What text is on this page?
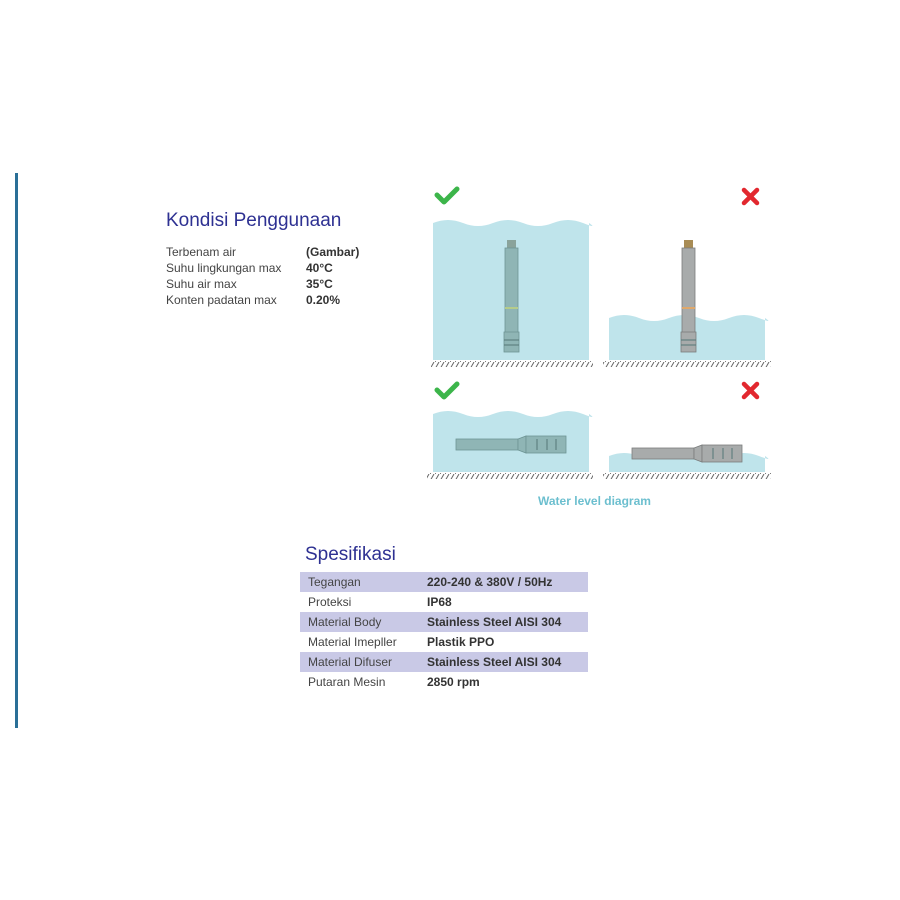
Kondisi Penggunaan
Terbenam air	(Gambar)
Suhu lingkungan max	40°C
Suhu air max	35°C
Konten padatan max	0.20%
Water level diagram
Spesifikasi
Tegangan	220-240 & 380V / 50Hz
Proteksi	IP68
Material Body	Stainless Steel AISI 304
Material Imepller	Plastik PPO
Material Difuser	Stainless Steel AISI 304
Putaran Mesin	2850 rpm
